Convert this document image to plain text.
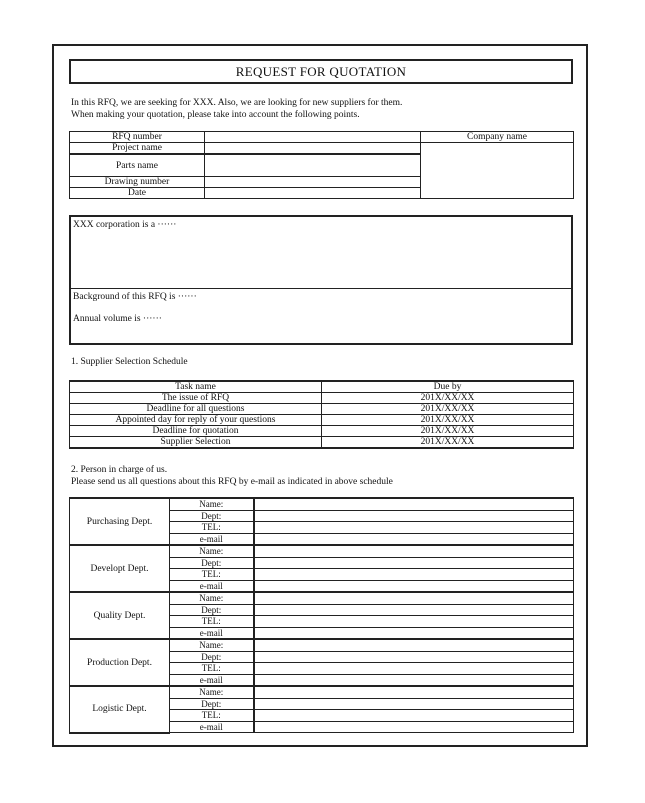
REQUEST FOR QUOTATION
In this RFQ, we are seeking for XXX. Also, we are looking for new suppliers for them.
When making your quotation, please take into account the following points.
RFQ number		Company name
Project name		
Parts name		
Drawing number		
Date		
XXX corporation is a ······
Background of this RFQ is ······
Annual volume is ······
1. Supplier Selection Schedule
Task name	Due by
The issue of RFQ	201X/XX/XX
Deadline for all questions	201X/XX/XX
Appointed day for reply of your questions	201X/XX/XX
Deadline for quotation	201X/XX/XX
Supplier Selection	201X/XX/XX
2. Person in charge of us.
Please send us all questions about this RFQ by e-mail as indicated in above schedule
Purchasing Dept.	Name:	
	Dept:	
	TEL:	
	e-mail	
Developt Dept.	Name:	
	Dept:	
	TEL:	
	e-mail	
Quality Dept.	Name:	
	Dept:	
	TEL:	
	e-mail	
Production Dept.	Name:	
	Dept:	
	TEL:	
	e-mail	
Logistic Dept.	Name:	
	Dept:	
	TEL:	
	e-mail	
